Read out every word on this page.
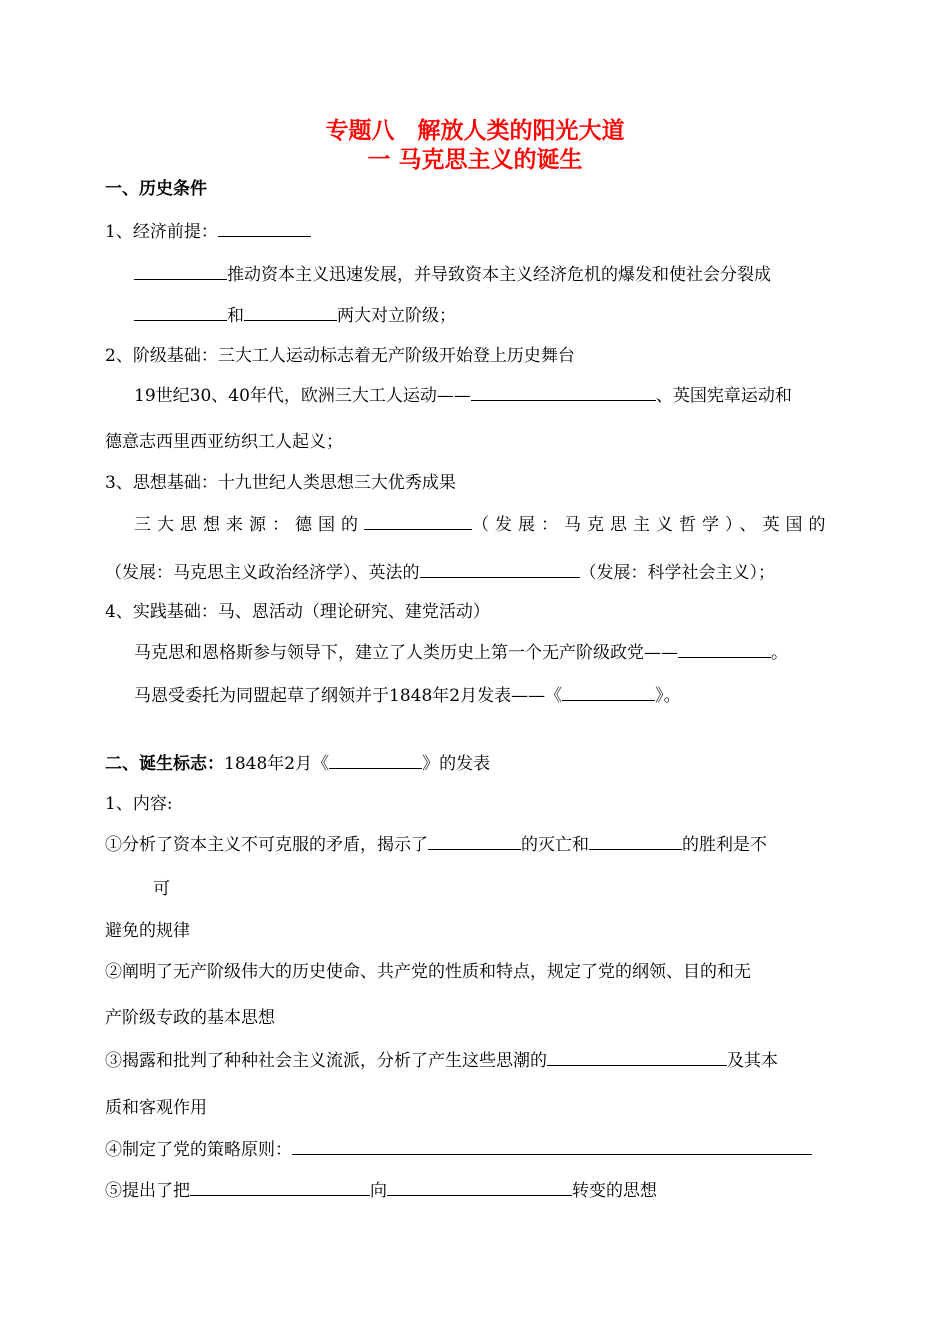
专题八　解放人类的阳光大道
一 马克思主义的诞生
一、历史条件
1、经济前提：
推动资本主义迅速发展，并导致资本主义经济危机的爆发和使社会分裂成
和	两大对立阶级；
2、阶级基础：三大工人运动标志着无产阶级开始登上历史舞台
19世纪30、40年代，欧洲三大工人运动——	、英国宪章运动和
德意志西里西亚纺织工人起义；
3、思想基础：十九世纪人类思想三大优秀成果
三大思想来源：德国的	（发展：马克思主义哲学）、英国的
（发展：马克思主义政治经济学）、英法的	（发展：科学社会主义）；
4、实践基础：马、恩活动（理论研究、建党活动）
马克思和恩格斯参与领导下，建立了人类历史上第一个无产阶级政党——	。
马恩受委托为同盟起草了纲领并于1848年2月发表——《	》。
二、诞生标志：1848年2月《	》的发表
1、内容:
①分析了资本主义不可克服的矛盾，揭示了	的灭亡和	的胜利是不
可
避免的规律
②阐明了无产阶级伟大的历史使命、共产党的性质和特点，规定了党的纲领、目的和无
产阶级专政的基本思想
③揭露和批判了种种社会主义流派，分析了产生这些思潮的	及其本
质和客观作用
④制定了党的策略原则：
⑤提出了把	向	转变的思想
